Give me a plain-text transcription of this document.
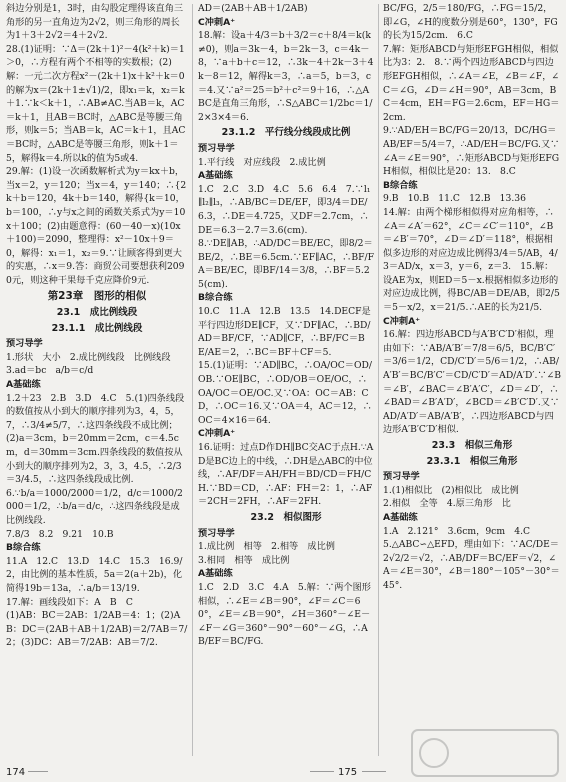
斜边分别是1，3时，由勾股定理得该直角三角形的另一直角边为2√2，则三角形的周长为1＋3＋2√2＝4＋2√2.

28.(1)证明：∵Δ＝(2k＋1)²－4(k²＋k)＝1＞0，∴方程有两个不相等的实数根；(2)解：一元二次方程x²－(2k＋1)x＋k²＋k＝0的解为x＝(2k＋1±√1)/2，即x₁＝k，x₂＝k＋1.∵k＜k＋1，∴AB≠AC.当AB＝k，AC＝k＋1，且AB＝BC时，△ABC是等腰三角形，则k＝5；当AB＝k，AC＝k＋1，且AC＝BC时，△ABC是等腰三角形，则k＋1＝5，解得k＝4.所以k的值为5或4.

29.解：(1)设一次函数解析式为y＝kx＋b，当x＝2，y＝120；当x＝4，y＝140；∴{2k＋b＝120，4k＋b＝140，解得{k＝10，b＝100，∴y与x之间的函数关系式为y＝10x＋100；(2)由题意得：(60－40－x)(10x＋100)＝2090，整理得：x²－10x＋9＝0，解得：x₁＝1，x₂＝9.∵让顾客得到更大的实惠，∴x＝9.答：商贸公司要想获利2090元，则这种干果每千克应降价9元.

第23章　图形的相似
23.1　成比例线段
23.1.1　成比例线段

预习导学

1.形状　大小　2.成比例线段　比例线段　3.ad＝bc　a/b＝c/d

A基础练

1.2＋23　2.B　3.D　4.C　5.(1)四条线段的数值按从小到大的顺序排列为3，4，5，7，∴3/4≠5/7，∴这四条线段不成比例；(2)a＝3cm，b＝20mm＝2cm，c＝4.5cm，d＝30mm＝3cm.四条线段的数值按从小到大的顺序排列为2，3，3，4.5，∴2/3＝3/4.5，∴这四条线段成比例.

6.∵b/a＝1000/2000＝1/2，d/c＝1000/2000＝1/2，∴b/a＝d/c，∴这四条线段是成比例线段.

7.8/3　8.2　9.21　10.B

B综合练

11.A　12.C　13.D　14.C　15.3　16.9/2，由比例的基本性质，5a＝2(a＋2b)，化简得19b＝13a，∴a/b＝13/19.

17.解：画线段如下：A　B　C

(1)AB：BC＝2AB：1/2AB＝4：1；(2)AB：DC＝(2AB＋AB＋1/2AB)＝2/7AB＝7/2；(3)DC：AB＝7/2AB：AB＝7/2.

AD＝(2AB＋AB＋1/2AB)

C冲刺A⁺

18.解：设a＋4/3＝b＋3/2＝c＋8/4＝k(k≠0)，则a＝3k－4，b＝2k－3，c＝4k－8，∵a＋b＋c＝12，∴3k－4＋2k－3＋4k－8＝12，解得k＝3，∴a＝5，b＝3，c＝4.又∵a²＝25＝b²＋c²＝9＋16，∴△ABC是直角三角形，∴S△ABC＝1/2bc＝1/2×3×4＝6.

23.1.2　平行线分线段成比例

预习导学

1.平行线　对应线段　2.成比例

A基础练

1.C　2.C　3.D　4.C　5.6　6.4　7.∵l₁∥l₂∥l₃，∴AB/BC＝DE/EF，即3/4＝DE/6.3，∴DE＝4.725，又DF＝2.7cm，∴DE＝6.3－2.7＝3.6(cm).

8.∵DE∥AB，∴AD/DC＝BE/EC，即8/2＝BE/2，∴BE＝6.5cm.∵EF∥AC，∴BF/FA＝BE/EC，即BF/14＝3/8，∴BF＝5.25(cm).

B综合练

10.C　11.A　12.B　13.5　14.DECF是平行四边形DE∥CF，又∵DF∥AC，∴BD/AD＝BF/CF，∵AD∥CF，∴BF/FC＝BE/AE＝2，∴BC＝BF＋CF＝5.

15.(1)证明：∵AD∥BC，∴OA/OC＝OD/OB.∵OE∥BC，∴OD/OB＝OE/OC，∴OA/OC＝OE/OC.又∵OA：OC＝AB：CD，∴OC＝16.又∵OA＝4，AC＝12，∴OC＝4×16＝64.

C冲刺A⁺

16.证明：过点D作DH∥BC交AC于点H.∵AD是BC边上的中线，∴DH是△ABC的中位线，∴AF/DF＝AH/FH＝BD/CD＝FH/CH.∵BD＝CD，∴AF：FH＝2：1，∴AF＝2CH＝2FH，∴AF＝2FH.

23.2　相似图形

预习导学

1.成比例　相等　2.相等　成比例

3.相同　相等　成比例

A基础练

1.C　2.D　3.C　4.A　5.解：∵两个图形相似，∴∠E＝∠B＝90°，∠F＝∠C＝60°，∠E＝∠B＝90°，∠H＝360°－∠E－∠F－∠G＝360°－90°－60°－∠G，∴AB/EF＝BC/FG.

BC/FG，2/5＝180/FG，∴FG＝15/2，即∠G，∠H的度数分别是60°，130°，FG的长为15/2cm.　6.C

7.解：矩形ABCD与矩形EFGH相似，相似比为3：2.　8.∵两个四边形ABCD与四边形EFGH相似，∴∠A＝∠E，∠B＝∠F，∠C＝∠G，∠D＝∠H＝90°，AB＝3cm，BC＝4cm，EH＝FG＝2.6cm，EF＝HG＝2cm.

9.∵AD/EH＝BC/FG＝20/13，DC/HG＝AB/EF＝5/4＝7，∴AD/EH＝BC/FG.又∵∠A＝∠E＝90°，∴矩形ABCD与矩形EFGH相似，相似比是20：13.　8.C

B综合练

9.B　10.B　11.C　12.B　13.36

14.解：由两个梯形相似得对应角相等，∴∠A＝∠A′＝62°，∠C＝∠C′＝110°，∠B＝∠B′＝70°，∠D＝∠D′＝118°，根据相似多边形的对应边成比例得3/4＝5/AB，4/3＝AD/x，x＝3，y＝6，z＝3.　15.解：设AE为x，则ED＝5－x.根据相似多边形的对应边成比例，得BC/AB＝DE/AB，即2/5＝5－x/2，x＝21/5.∴AE的长为21/5.

C冲刺A⁺

16.解：四边形ABCD与A′B′C′D′相似，理由如下：∵AB/A′B′＝7/8＝6/5，BC/B′C′＝3/6＝1/2，CD/C′D′＝5/6＝1/2，∴AB/A′B′＝BC/B′C′＝CD/C′D′＝AD/A′D′.∵∠B＝∠B′，∠BAC＝∠B′A′C′，∠D＝∠D′，∴∠BAD＝∠B′A′D′，∠BCD＝∠B′C′D′.又∵AD/A′D′＝AB/A′B′，∴四边形ABCD与四边形A′B′C′D′相似.

23.3　相似三角形
23.3.1　相似三角形

预习导学

1.(1)相似比　(2)相似比　成比例

2.相似　全等　4.原三角形　比

A基础练

1.A　2.121°　3.6cm，9cm　4.C

5.△ABC∽△EFD，理由如下：∵AC/DE＝2√2/2＝√2，∴AB/DF＝BC/EF＝√2，∠A＝∠E＝30°，∠B＝180°－105°－30°＝45°.

174	175
